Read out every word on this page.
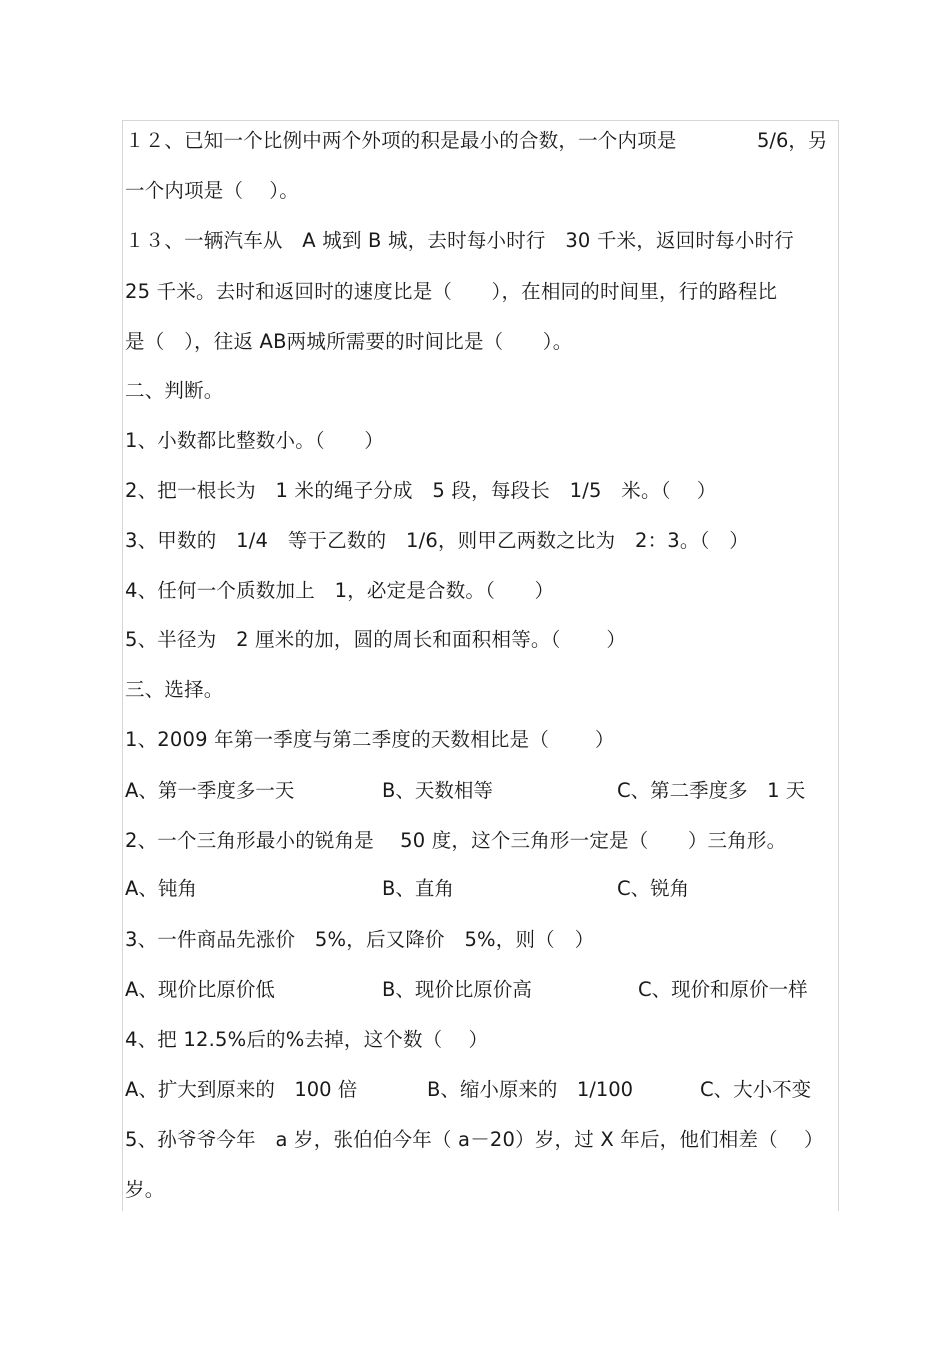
１２、已知一个比例中两个外项的积是最小的合数，一个内项是	5/6，另
一个内项是（　 ）。
１３、一辆汽车从　A 城到 B 城，去时每小时行　30 千米，返回时每小时行
25 千米。去时和返回时的速度比是（　　），在相同的时间里，行的路程比
是（　），往返 AB两城所需要的时间比是（　　）。
二、判断。
1、小数都比整数小。（　　）
2、把一根长为　1 米的绳子分成　5 段，每段长　1/5　米。（　 ）
3、甲数的　1/4　等于乙数的　1/6，则甲乙两数之比为　2：3。（　）
4、任何一个质数加上　1，必定是合数。（　　）
5、半径为　2 厘米的加，圆的周长和面积相等。（　　 ）
三、选择。
1、2009 年第一季度与第二季度的天数相比是（　　 ）
A、第一季度多一天	B、天数相等	C、第二季度多　1 天
2、一个三角形最小的锐角是　 50 度，这个三角形一定是（　　）三角形。
A、钝角	B、直角	C、锐角
3、一件商品先涨价　5%，后又降价　5%，则（　）
A、现价比原价低	B、现价比原价高	C、现价和原价一样
4、把 12.5%后的%去掉，这个数（　 ）
A、扩大到原来的　100 倍	B、缩小原来的　1/100	C、大小不变
5、孙爷爷今年　a 岁，张伯伯今年（ a－20）岁，过 X 年后，他们相差（　 ）
岁。
